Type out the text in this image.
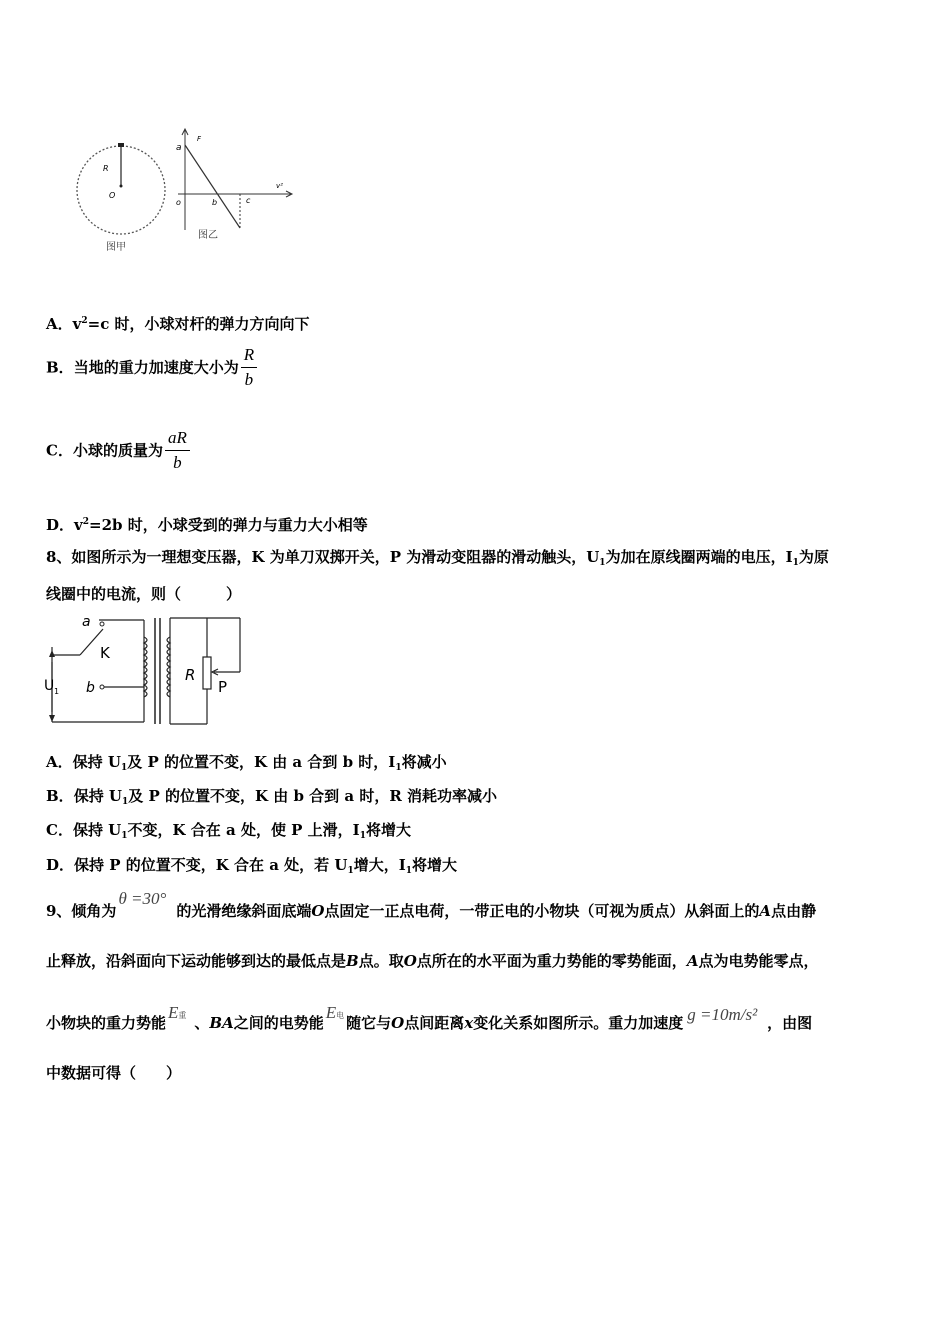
R
O
图甲
F
v²
a
o	b	c
图乙
A．$v^2=c$ 时，小球对杆的弹力方向向下
B．当地的重力加速度大小为 $\frac{R}{b}$
C．小球的质量为 $\frac{aR}{b}$
D．$v^2=2b$ 时，小球受到的弹力与重力大小相等
8、如图所示为一理想变压器，K 为单刀双掷开关，P 为滑动变阻器的滑动触头，$U_1$为加在原线圈两端的电压，$I_1$为原
线圈中的电流，则（　　　）
a
K
b
R
P
U 1
A．保持 $U_1$及 P 的位置不变，K 由 a 合到 b 时，$I_1$将减小
B．保持 $U_1$及 P 的位置不变，K 由 b 合到 a 时，R 消耗功率减小
C．保持 $U_1$不变，K 合在 a 处，使 P 上滑，$I_1$将增大
D．保持 P 的位置不变，K 合在 a 处，若 $U_1$增大，$I_1$将增大
9、倾角为θ =30°的光滑绝缘斜面底端O点固定一正点电荷，一带正电的小物块（可视为质点）从斜面上的A点由静
止释放，沿斜面向下运动能够到达的最低点是B点。取O点所在的水平面为重力势能的零势能面，A点为电势能零点，
小物块的重力势能E重 、BA之间的电势能E电 随它与O点间距离x变化关系如图所示。重力加速度 g =10m/s² ，由图
中数据可得（　　）
